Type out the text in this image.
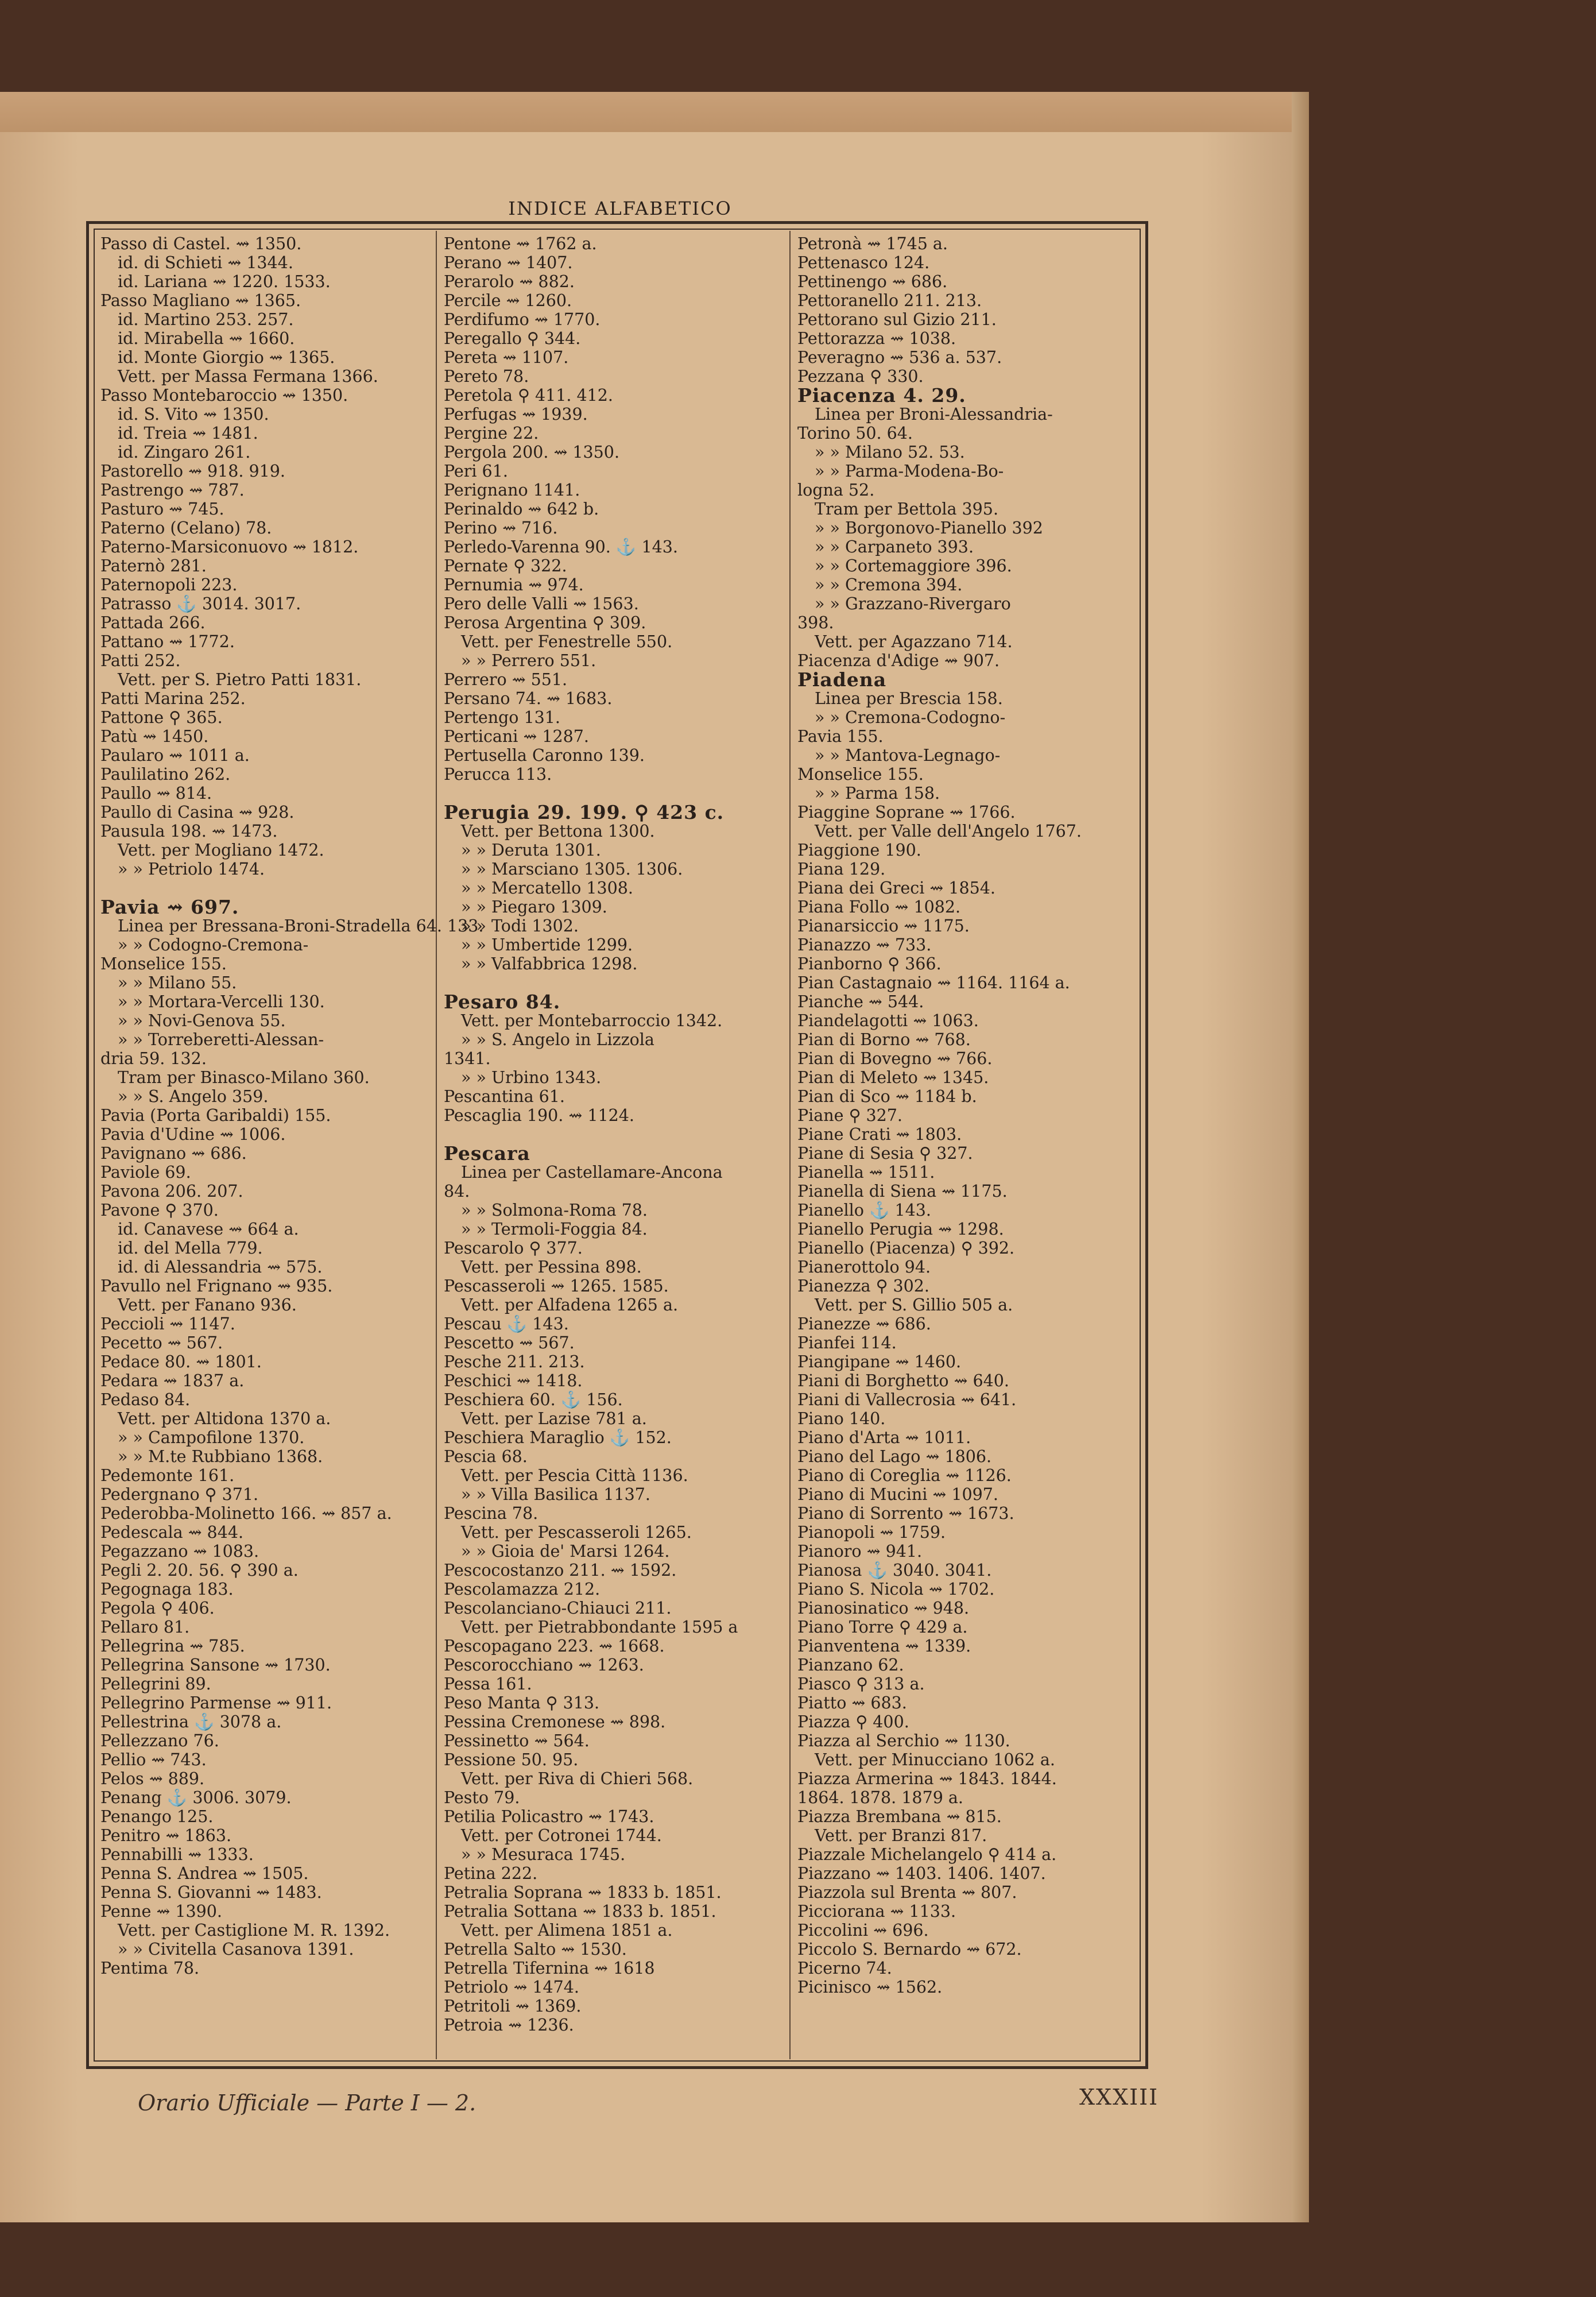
INDICE ALFABETICO
Passo di Castel. ⇝ 1350.
id. di Schieti ⇝ 1344.
id. Lariana ⇝ 1220. 1533.
Passo Magliano ⇝ 1365.
id. Martino 253. 257.
id. Mirabella ⇝ 1660.
id. Monte Giorgio ⇝ 1365.
Vett. per Massa Fermana 1366.
Passo Montebaroccio ⇝ 1350.
id. S. Vito ⇝ 1350.
id. Treia ⇝ 1481.
id. Zingaro 261.
Pastorello ⇝ 918. 919.
Pastrengo ⇝ 787.
Pasturo ⇝ 745.
Paterno (Celano) 78.
Paterno-Marsiconuovo ⇝ 1812.
Paternò 281.
Paternopoli 223.
Patrasso ⚓ 3014. 3017.
Pattada 266.
Pattano ⇝ 1772.
Patti 252.
Vett. per S. Pietro Patti 1831.
Patti Marina 252.
Pattone ⚲ 365.
Patù ⇝ 1450.
Paularo ⇝ 1011 a.
Paulilatino 262.
Paullo ⇝ 814.
Paullo di Casina ⇝ 928.
Pausula 198. ⇝ 1473.
Vett. per Mogliano 1472.
» » Petriolo 1474.
Pavia ⇝ 697.
Linea per Bressana-Broni-Stradella 64. 133.
» » Codogno-Cremona-
Monselice 155.
» » Milano 55.
» » Mortara-Vercelli 130.
» » Novi-Genova 55.
» » Torreberetti-Alessan-
dria 59. 132.
Tram per Binasco-Milano 360.
» » S. Angelo 359.
Pavia (Porta Garibaldi) 155.
Pavia d'Udine ⇝ 1006.
Pavignano ⇝ 686.
Paviole 69.
Pavona 206. 207.
Pavone ⚲ 370.
id. Canavese ⇝ 664 a.
id. del Mella 779.
id. di Alessandria ⇝ 575.
Pavullo nel Frignano ⇝ 935.
Vett. per Fanano 936.
Peccioli ⇝ 1147.
Pecetto ⇝ 567.
Pedace 80. ⇝ 1801.
Pedara ⇝ 1837 a.
Pedaso 84.
Vett. per Altidona 1370 a.
» » Campofilone 1370.
» » M.te Rubbiano 1368.
Pedemonte 161.
Pedergnano ⚲ 371.
Pederobba-Molinetto 166. ⇝ 857 a.
Pedescala ⇝ 844.
Pegazzano ⇝ 1083.
Pegli 2. 20. 56. ⚲ 390 a.
Pegognaga 183.
Pegola ⚲ 406.
Pellaro 81.
Pellegrina ⇝ 785.
Pellegrina Sansone ⇝ 1730.
Pellegrini 89.
Pellegrino Parmense ⇝ 911.
Pellestrina ⚓ 3078 a.
Pellezzano 76.
Pellio ⇝ 743.
Pelos ⇝ 889.
Penang ⚓ 3006. 3079.
Penango 125.
Penitro ⇝ 1863.
Pennabilli ⇝ 1333.
Penna S. Andrea ⇝ 1505.
Penna S. Giovanni ⇝ 1483.
Penne ⇝ 1390.
Vett. per Castiglione M. R. 1392.
» » Civitella Casanova 1391.
Pentima 78.
Pentone ⇝ 1762 a.
Perano ⇝ 1407.
Perarolo ⇝ 882.
Percile ⇝ 1260.
Perdifumo ⇝ 1770.
Peregallo ⚲ 344.
Pereta ⇝ 1107.
Pereto 78.
Peretola ⚲ 411. 412.
Perfugas ⇝ 1939.
Pergine 22.
Pergola 200. ⇝ 1350.
Peri 61.
Perignano 1141.
Perinaldo ⇝ 642 b.
Perino ⇝ 716.
Perledo-Varenna 90. ⚓ 143.
Pernate ⚲ 322.
Pernumia ⇝ 974.
Pero delle Valli ⇝ 1563.
Perosa Argentina ⚲ 309.
Vett. per Fenestrelle 550.
» » Perrero 551.
Perrero ⇝ 551.
Persano 74. ⇝ 1683.
Pertengo 131.
Perticani ⇝ 1287.
Pertusella Caronno 139.
Perucca 113.
Perugia 29. 199. ⚲ 423 c.
Vett. per Bettona 1300.
» » Deruta 1301.
» » Marsciano 1305. 1306.
» » Mercatello 1308.
» » Piegaro 1309.
» » Todi 1302.
» » Umbertide 1299.
» » Valfabbrica 1298.
Pesaro 84.
Vett. per Montebarroccio 1342.
» » S. Angelo in Lizzola
1341.
» » Urbino 1343.
Pescantina 61.
Pescaglia 190. ⇝ 1124.
Pescara
Linea per Castellamare-Ancona
84.
» » Solmona-Roma 78.
» » Termoli-Foggia 84.
Pescarolo ⚲ 377.
Vett. per Pessina 898.
Pescasseroli ⇝ 1265. 1585.
Vett. per Alfadena 1265 a.
Pescau ⚓ 143.
Pescetto ⇝ 567.
Pesche 211. 213.
Peschici ⇝ 1418.
Peschiera 60. ⚓ 156.
Vett. per Lazise 781 a.
Peschiera Maraglio ⚓ 152.
Pescia 68.
Vett. per Pescia Città 1136.
» » Villa Basilica 1137.
Pescina 78.
Vett. per Pescasseroli 1265.
» » Gioia de' Marsi 1264.
Pescocostanzo 211. ⇝ 1592.
Pescolamazza 212.
Pescolanciano-Chiauci 211.
Vett. per Pietrabbondante 1595 a
Pescopagano 223. ⇝ 1668.
Pescorocchiano ⇝ 1263.
Pessa 161.
Peso Manta ⚲ 313.
Pessina Cremonese ⇝ 898.
Pessinetto ⇝ 564.
Pessione 50. 95.
Vett. per Riva di Chieri 568.
Pesto 79.
Petilia Policastro ⇝ 1743.
Vett. per Cotronei 1744.
» » Mesuraca 1745.
Petina 222.
Petralia Soprana ⇝ 1833 b. 1851.
Petralia Sottana ⇝ 1833 b. 1851.
Vett. per Alimena 1851 a.
Petrella Salto ⇝ 1530.
Petrella Tifernina ⇝ 1618
Petriolo ⇝ 1474.
Petritoli ⇝ 1369.
Petroia ⇝ 1236.
Petronà ⇝ 1745 a.
Pettenasco 124.
Pettinengo ⇝ 686.
Pettoranello 211. 213.
Pettorano sul Gizio 211.
Pettorazza ⇝ 1038.
Peveragno ⇝ 536 a. 537.
Pezzana ⚲ 330.
Piacenza 4. 29.
Linea per Broni-Alessandria-
Torino 50. 64.
» » Milano 52. 53.
» » Parma-Modena-Bo-
logna 52.
Tram per Bettola 395.
» » Borgonovo-Pianello 392
» » Carpaneto 393.
» » Cortemaggiore 396.
» » Cremona 394.
» » Grazzano-Rivergaro
398.
Vett. per Agazzano 714.
Piacenza d'Adige ⇝ 907.
Piadena
Linea per Brescia 158.
» » Cremona-Codogno-
Pavia 155.
» » Mantova-Legnago-
Monselice 155.
» » Parma 158.
Piaggine Soprane ⇝ 1766.
Vett. per Valle dell'Angelo 1767.
Piaggione 190.
Piana 129.
Piana dei Greci ⇝ 1854.
Piana Follo ⇝ 1082.
Pianarsiccio ⇝ 1175.
Pianazzo ⇝ 733.
Pianborno ⚲ 366.
Pian Castagnaio ⇝ 1164. 1164 a.
Pianche ⇝ 544.
Piandelagotti ⇝ 1063.
Pian di Borno ⇝ 768.
Pian di Bovegno ⇝ 766.
Pian di Meleto ⇝ 1345.
Pian di Sco ⇝ 1184 b.
Piane ⚲ 327.
Piane Crati ⇝ 1803.
Piane di Sesia ⚲ 327.
Pianella ⇝ 1511.
Pianella di Siena ⇝ 1175.
Pianello ⚓ 143.
Pianello Perugia ⇝ 1298.
Pianello (Piacenza) ⚲ 392.
Pianerottolo 94.
Pianezza ⚲ 302.
Vett. per S. Gillio 505 a.
Pianezze ⇝ 686.
Pianfei 114.
Piangipane ⇝ 1460.
Piani di Borghetto ⇝ 640.
Piani di Vallecrosia ⇝ 641.
Piano 140.
Piano d'Arta ⇝ 1011.
Piano del Lago ⇝ 1806.
Piano di Coreglia ⇝ 1126.
Piano di Mucini ⇝ 1097.
Piano di Sorrento ⇝ 1673.
Pianopoli ⇝ 1759.
Pianoro ⇝ 941.
Pianosa ⚓ 3040. 3041.
Piano S. Nicola ⇝ 1702.
Pianosinatico ⇝ 948.
Piano Torre ⚲ 429 a.
Pianventena ⇝ 1339.
Pianzano 62.
Piasco ⚲ 313 a.
Piatto ⇝ 683.
Piazza ⚲ 400.
Piazza al Serchio ⇝ 1130.
Vett. per Minucciano 1062 a.
Piazza Armerina ⇝ 1843. 1844.
1864. 1878. 1879 a.
Piazza Brembana ⇝ 815.
Vett. per Branzi 817.
Piazzale Michelangelo ⚲ 414 a.
Piazzano ⇝ 1403. 1406. 1407.
Piazzola sul Brenta ⇝ 807.
Picciorana ⇝ 1133.
Piccolini ⇝ 696.
Piccolo S. Bernardo ⇝ 672.
Picerno 74.
Picinisco ⇝ 1562.
Orario Ufficiale — Parte I — 2.	XXXIII
